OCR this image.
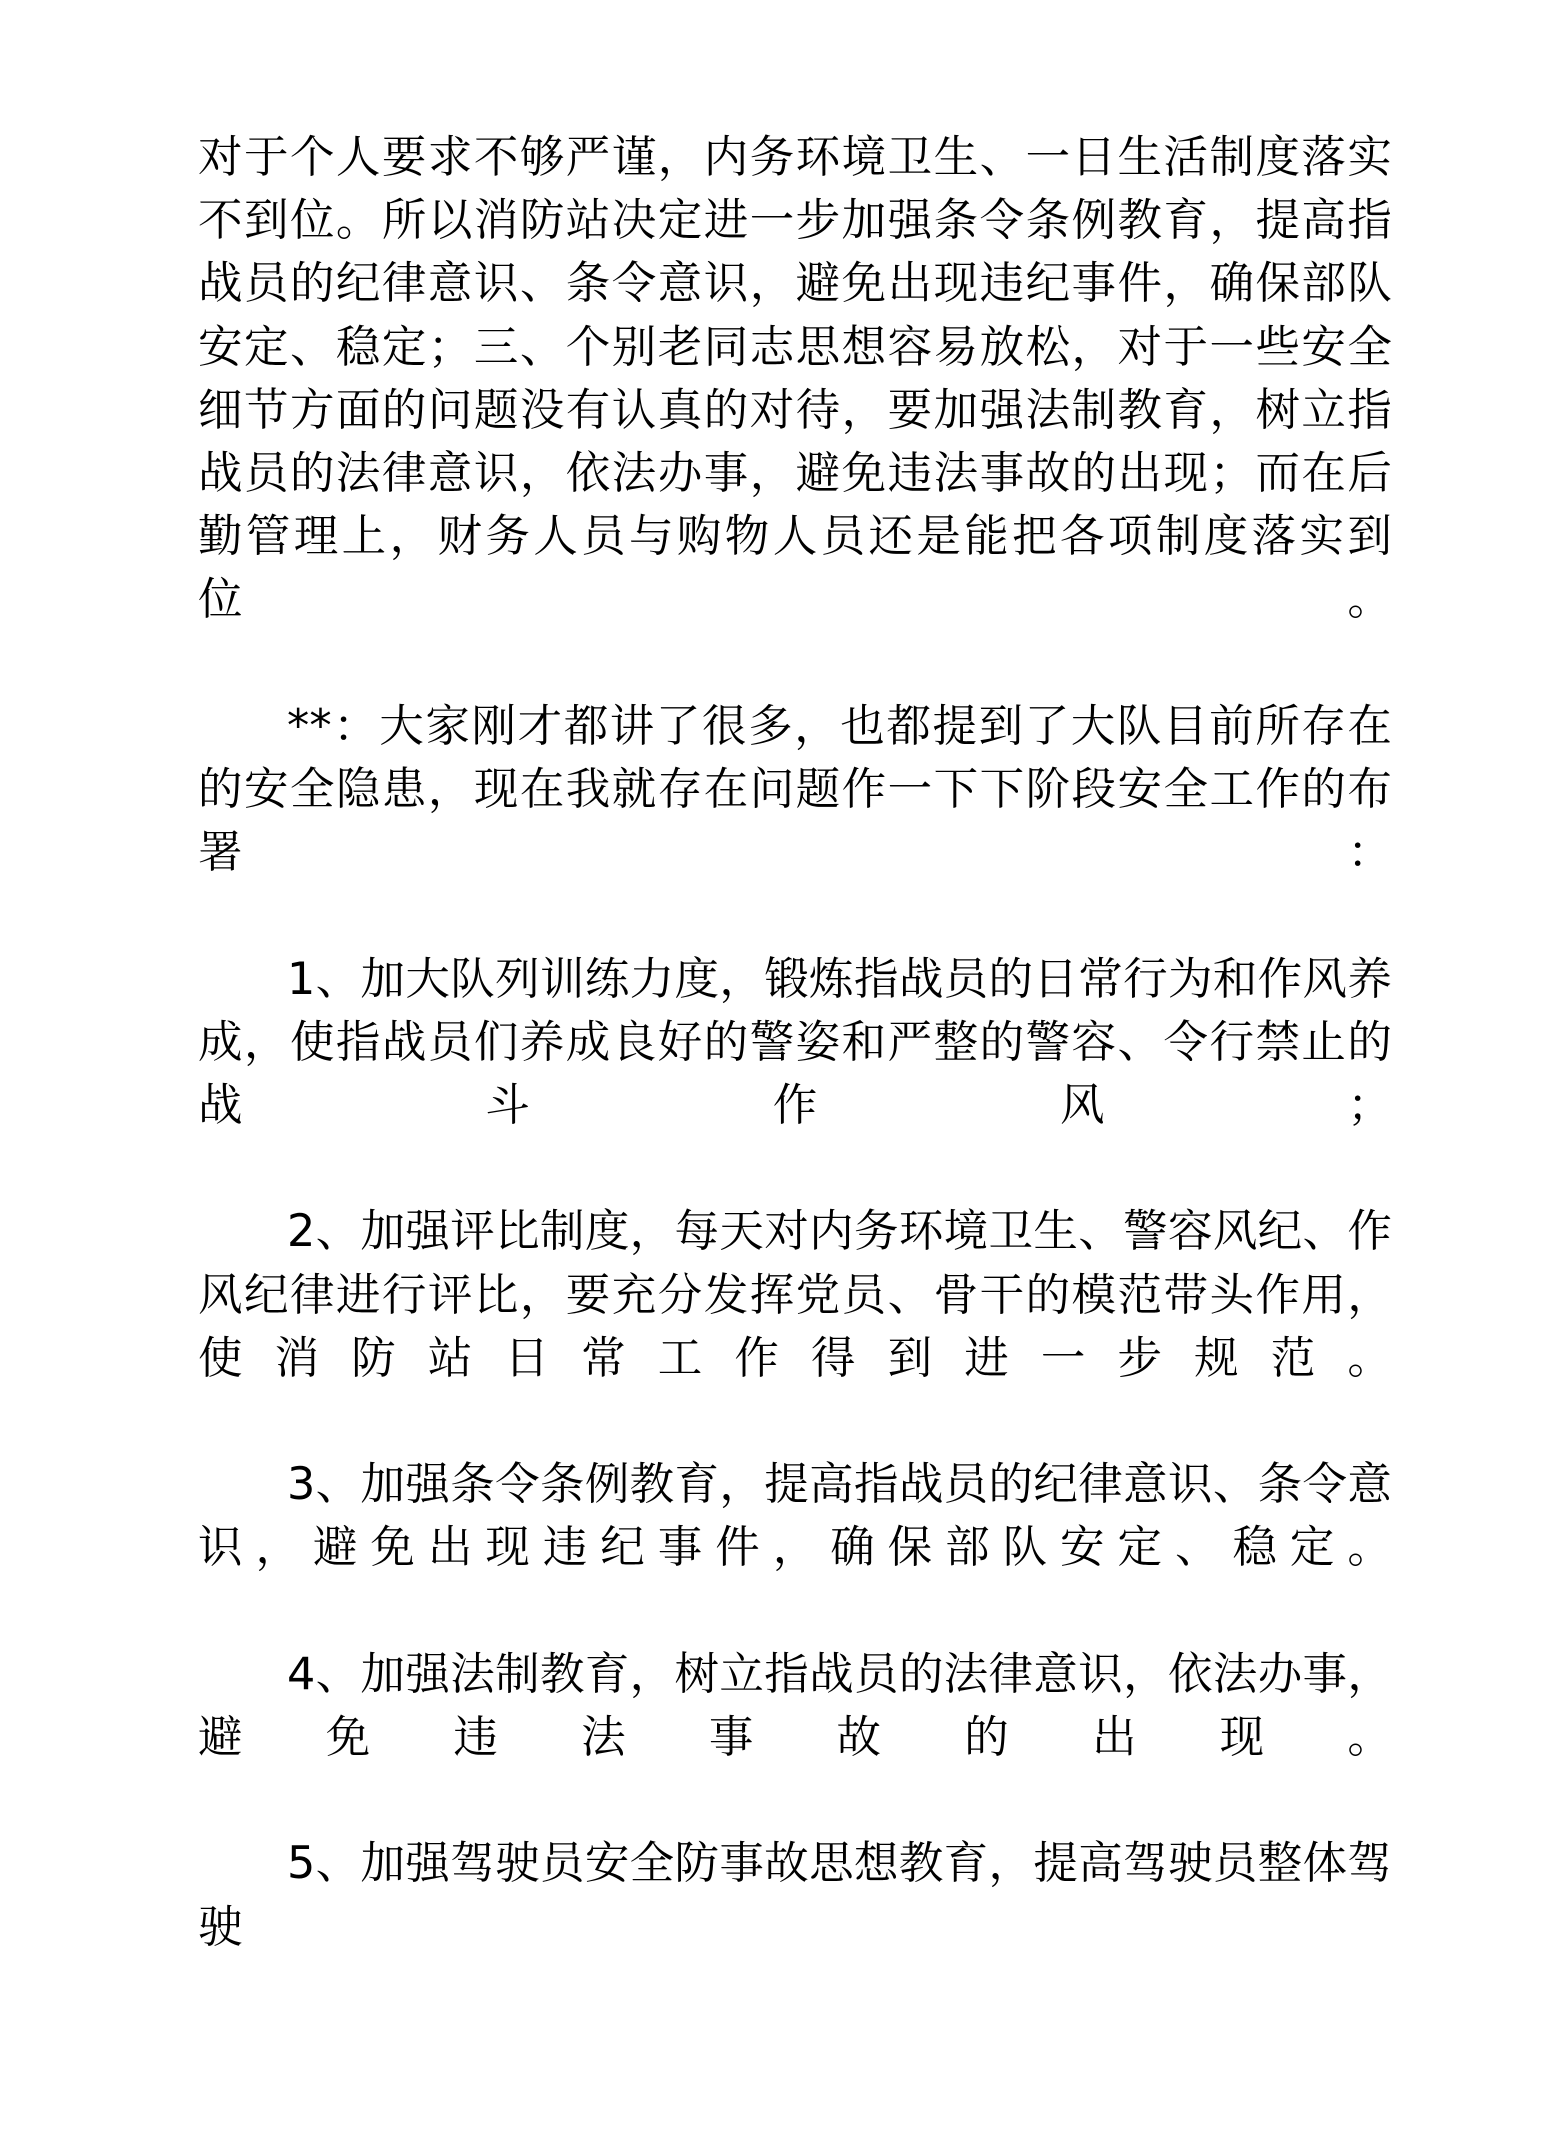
对于个人要求不够严谨，内务环境卫生、一日生活制度落实不到位。所以消防站决定进一步加强条令条例教育，提高指战员的纪律意识、条令意识，避免出现违纪事件，确保部队安定、稳定；三、个别老同志思想容易放松，对于一些安全细节方面的问题没有认真的对待，要加强法制教育，树立指战员的法律意识，依法办事，避免违法事故的出现；而在后勤管理上，财务人员与购物人员还是能把各项制度落实到位。

**：大家刚才都讲了很多，也都提到了大队目前所存在的安全隐患，现在我就存在问题作一下下阶段安全工作的布署：

1、加大队列训练力度，锻炼指战员的日常行为和作风养成，使指战员们养成良好的警姿和严整的警容、令行禁止的战斗作风；

2、加强评比制度，每天对内务环境卫生、警容风纪、作风纪律进行评比，要充分发挥党员、骨干的模范带头作用，使消防站日常工作得到进一步规范。

3、加强条令条例教育，提高指战员的纪律意识、条令意识，避免出现违纪事件，确保部队安定、稳定。

4、加强法制教育，树立指战员的法律意识，依法办事，避免违法事故的出现。

5、加强驾驶员安全防事故思想教育，提高驾驶员整体驾驶
